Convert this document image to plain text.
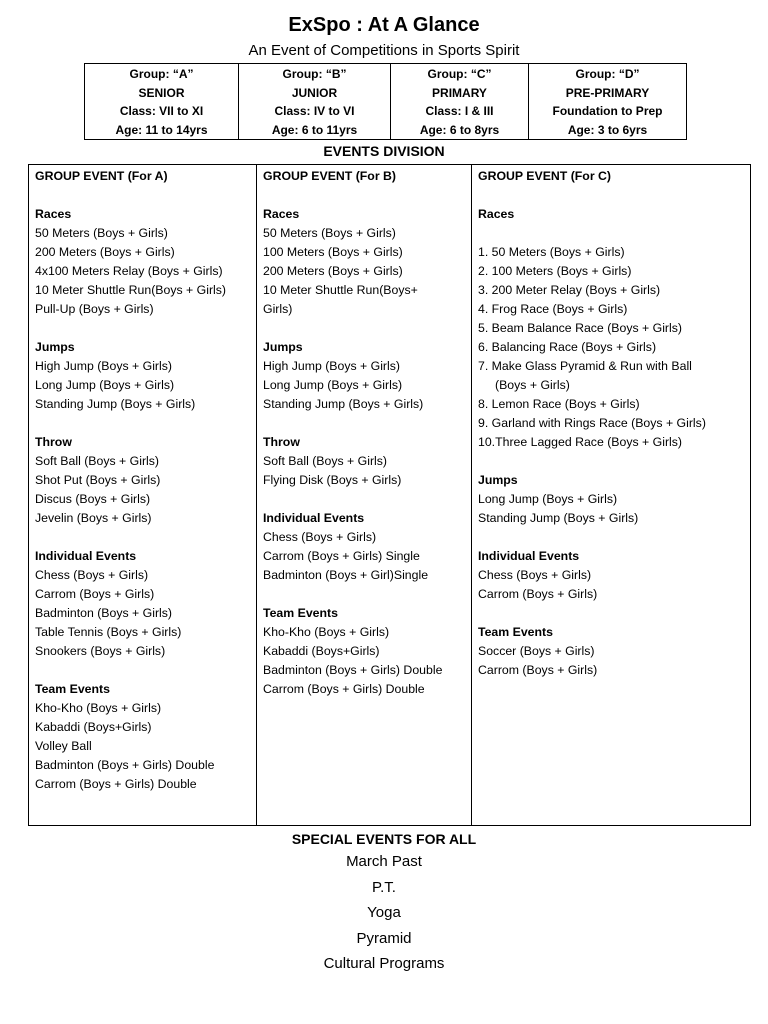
ExSpo : At A Glance
An Event of Competitions in Sports Spirit
Group: “A”
SENIOR
Class: VII to XI
Age: 11 to 14yrs

Group: “B”
JUNIOR
Class: IV to VI
Age: 6 to 11yrs

Group: “C”
PRIMARY
Class: I & III
Age: 6 to 8yrs

Group: “D”
PRE-PRIMARY
Foundation to Prep
Age: 3 to 6yrs
EVENTS DIVISION
GROUP EVENT (For A)
Races
50 Meters (Boys + Girls)
200 Meters (Boys + Girls)
4x100 Meters Relay (Boys + Girls)
10 Meter Shuttle Run(Boys + Girls)
Pull-Up (Boys + Girls)
Jumps
High Jump (Boys + Girls)
Long Jump (Boys + Girls)
Standing Jump (Boys + Girls)
Throw
Soft Ball (Boys + Girls)
Shot Put (Boys + Girls)
Discus (Boys + Girls)
Jevelin (Boys + Girls)
Individual Events
Chess (Boys + Girls)
Carrom (Boys + Girls)
Badminton (Boys + Girls)
Table Tennis (Boys + Girls)
Snookers (Boys + Girls)
Team Events
Kho-Kho (Boys + Girls)
Kabaddi (Boys+Girls)
Volley Ball
Badminton (Boys + Girls) Double
Carrom (Boys + Girls) Double
GROUP EVENT (For B)
Races
50 Meters (Boys + Girls)
100 Meters (Boys + Girls)
200 Meters (Boys + Girls)
10 Meter Shuttle Run(Boys+
Girls)
Jumps
High Jump (Boys + Girls)
Long Jump (Boys + Girls)
Standing Jump (Boys + Girls)
Throw
Soft Ball (Boys + Girls)
Flying Disk (Boys + Girls)
Individual Events
Chess (Boys + Girls)
Carrom (Boys + Girls) Single
Badminton (Boys + Girl)Single
Team Events
Kho-Kho (Boys + Girls)
Kabaddi (Boys+Girls)
Badminton (Boys + Girls) Double
Carrom (Boys + Girls) Double
GROUP EVENT (For C)
Races
1. 50 Meters (Boys + Girls)
2. 100 Meters (Boys + Girls)
3. 200 Meter Relay (Boys + Girls)
4. Frog Race (Boys + Girls)
5. Beam Balance Race (Boys + Girls)
6. Balancing Race (Boys + Girls)
7. Make Glass Pyramid & Run with Ball
(Boys + Girls)
8. Lemon Race (Boys + Girls)
9. Garland with Rings Race (Boys + Girls)
10.Three Lagged Race (Boys + Girls)
Jumps
Long Jump (Boys + Girls)
Standing Jump (Boys + Girls)
Individual Events
Chess (Boys + Girls)
Carrom (Boys + Girls)
Team Events
Soccer (Boys + Girls)
Carrom (Boys + Girls)
SPECIAL EVENTS FOR ALL
March Past
P.T.
Yoga
Pyramid
Cultural Programs
